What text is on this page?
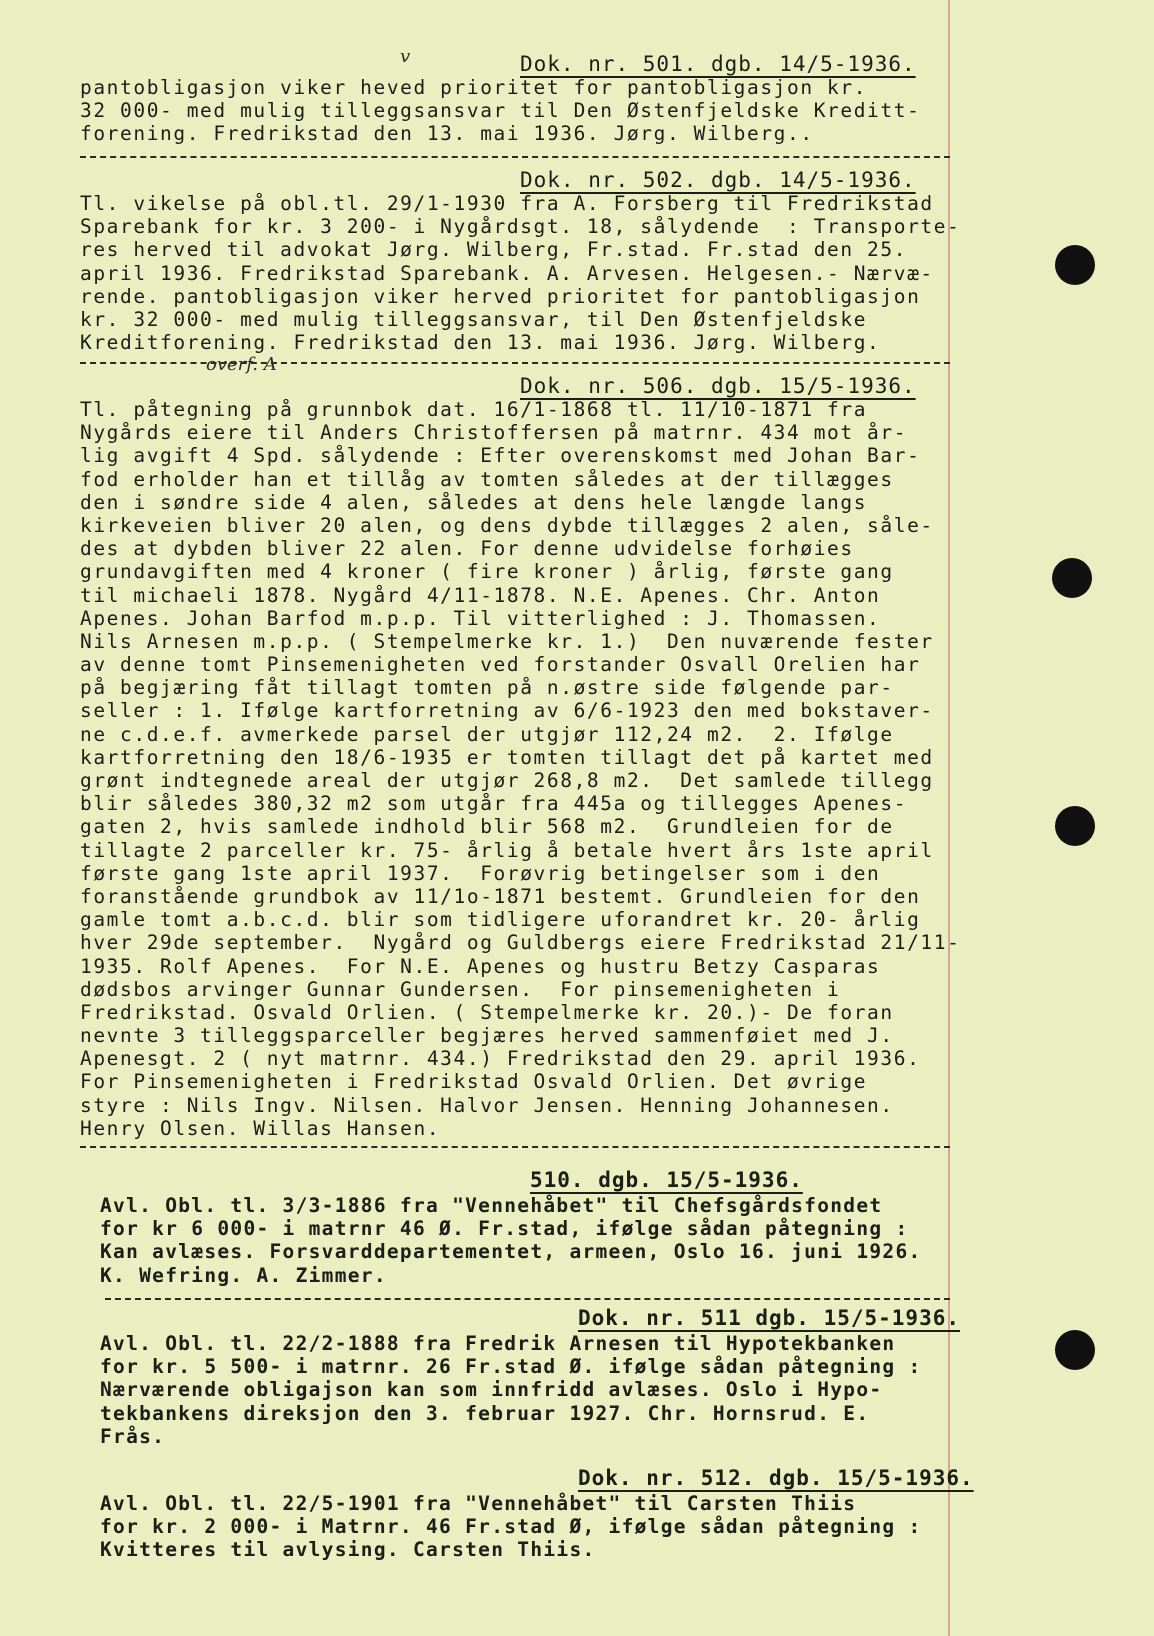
v
overf. A
Dok. nr. 501. dgb. 14/5-1936.
pantobligasjon viker heved prioritet for pantobligasjon kr.
32 000- med mulig tilleggsansvar til Den Østenfjeldske Kreditt-
forening. Fredrikstad den 13. mai 1936. Jørg. Wilberg..
Dok. nr. 502. dgb. 14/5-1936.
Tl. vikelse på obl.tl. 29/1-1930 fra A. Forsberg til Fredrikstad
Sparebank for kr. 3 200- i Nygårdsgt. 18, sålydende  : Transporte-
res herved til advokat Jørg. Wilberg, Fr.stad. Fr.stad den 25.
april 1936. Fredrikstad Sparebank. A. Arvesen. Helgesen.- Nærvæ-
rende. pantobligasjon viker herved prioritet for pantobligasjon
kr. 32 000- med mulig tilleggsansvar, til Den Østenfjeldske
Kreditforening. Fredrikstad den 13. mai 1936. Jørg. Wilberg.
Dok. nr. 506. dgb. 15/5-1936.
Tl. påtegning på grunnbok dat. 16/1-1868 tl. 11/10-1871 fra
Nygårds eiere til Anders Christoffersen på matrnr. 434 mot år-
lig avgift 4 Spd. sålydende : Efter overenskomst med Johan Bar-
fod erholder han et tillåg av tomten således at der tillægges
den i søndre side 4 alen, således at dens hele længde langs
kirkeveien bliver 20 alen, og dens dybde tillægges 2 alen, såle-
des at dybden bliver 22 alen. For denne udvidelse forhøies
grundavgiften med 4 kroner ( fire kroner ) årlig, første gang
til michaeli 1878. Nygård 4/11-1878. N.E. Apenes. Chr. Anton
Apenes. Johan Barfod m.p.p. Til vitterlighed : J. Thomassen.
Nils Arnesen m.p.p. ( Stempelmerke kr. 1.)  Den nuværende fester
av denne tomt Pinsemenigheten ved forstander Osvall Orelien har
på begjæring fåt tillagt tomten på n.østre side følgende par-
seller : 1. Ifølge kartforretning av 6/6-1923 den med bokstaver-
ne c.d.e.f. avmerkede parsel der utgjør 112,24 m2.  2. Ifølge
kartforretning den 18/6-1935 er tomten tillagt det på kartet med
grønt indtegnede areal der utgjør 268,8 m2.  Det samlede tillegg
blir således 380,32 m2 som utgår fra 445a og tillegges Apenes-
gaten 2, hvis samlede indhold blir 568 m2.  Grundleien for de
tillagte 2 parceller kr. 75- årlig å betale hvert års 1ste april
første gang 1ste april 1937.  Forøvrig betingelser som i den
foranstående grundbok av 11/1o-1871 bestemt. Grundleien for den
gamle tomt a.b.c.d. blir som tidligere uforandret kr. 20- årlig
hver 29de september.  Nygård og Guldbergs eiere Fredrikstad 21/11-
1935. Rolf Apenes.  For N.E. Apenes og hustru Betzy Casparas
dødsbos arvinger Gunnar Gundersen.  For pinsemenigheten i
Fredrikstad. Osvald Orlien. ( Stempelmerke kr. 20.)- De foran
nevnte 3 tilleggsparceller begjæres herved sammenføiet med J.
Apenesgt. 2 ( nyt matrnr. 434.) Fredrikstad den 29. april 1936.
For Pinsemenigheten i Fredrikstad Osvald Orlien. Det øvrige
styre : Nils Ingv. Nilsen. Halvor Jensen. Henning Johannesen.
Henry Olsen. Willas Hansen.
510. dgb. 15/5-1936.
Avl. Obl. tl. 3/3-1886 fra "Vennehåbet" til Chefsgårdsfondet
for kr 6 000- i matrnr 46 Ø. Fr.stad, ifølge sådan påtegning :
Kan avlæses. Forsvarddepartementet, armeen, Oslo 16. juni 1926.
K. Wefring. A. Zimmer.
Dok. nr. 511 dgb. 15/5-1936.
Avl. Obl. tl. 22/2-1888 fra Fredrik Arnesen til Hypotekbanken
for kr. 5 500- i matrnr. 26 Fr.stad Ø. ifølge sådan påtegning :
Nærværende obligajson kan som innfridd avlæses. Oslo i Hypo-
tekbankens direksjon den 3. februar 1927. Chr. Hornsrud. E.
Frås.
Dok. nr. 512. dgb. 15/5-1936.
Avl. Obl. tl. 22/5-1901 fra "Vennehåbet" til Carsten Thiis
for kr. 2 000- i Matrnr. 46 Fr.stad Ø, ifølge sådan påtegning :
Kvitteres til avlysing. Carsten Thiis.
